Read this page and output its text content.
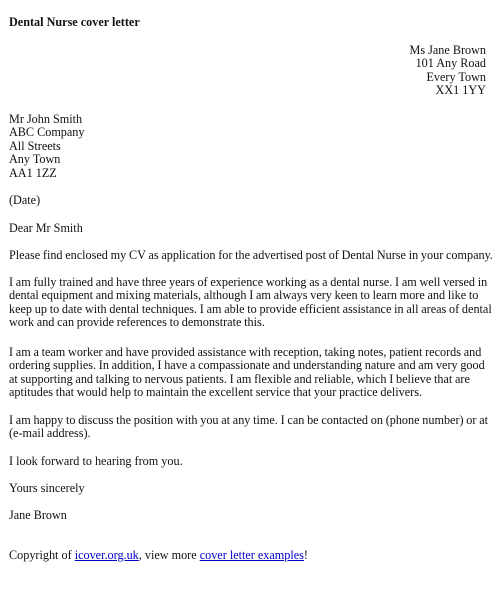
Dental Nurse cover letter
Ms Jane Brown
101 Any Road
Every Town
XX1 1YY
Mr John Smith
ABC Company
All Streets
Any Town
AA1 1ZZ
(Date)
Dear Mr Smith
Please find enclosed my CV as application for the advertised post of Dental Nurse in your company.
I am fully trained and have three years of experience working as a dental nurse. I am well versed in dental equipment and mixing materials, although I am always very keen to learn more and like to keep up to date with dental techniques. I am able to provide efficient assistance in all areas of dental work and can provide references to demonstrate this.
I am a team worker and have provided assistance with reception, taking notes, patient records and ordering supplies. In addition, I have a compassionate and understanding nature and am very good at supporting and talking to nervous patients. I am flexible and reliable, which I believe that are aptitudes that would help to maintain the excellent service that your practice delivers.
I am happy to discuss the position with you at any time. I can be contacted on (phone number) or at (e-mail address).
I look forward to hearing from you.
Yours sincerely
Jane Brown
Copyright of icover.org.uk, view more cover letter examples!
